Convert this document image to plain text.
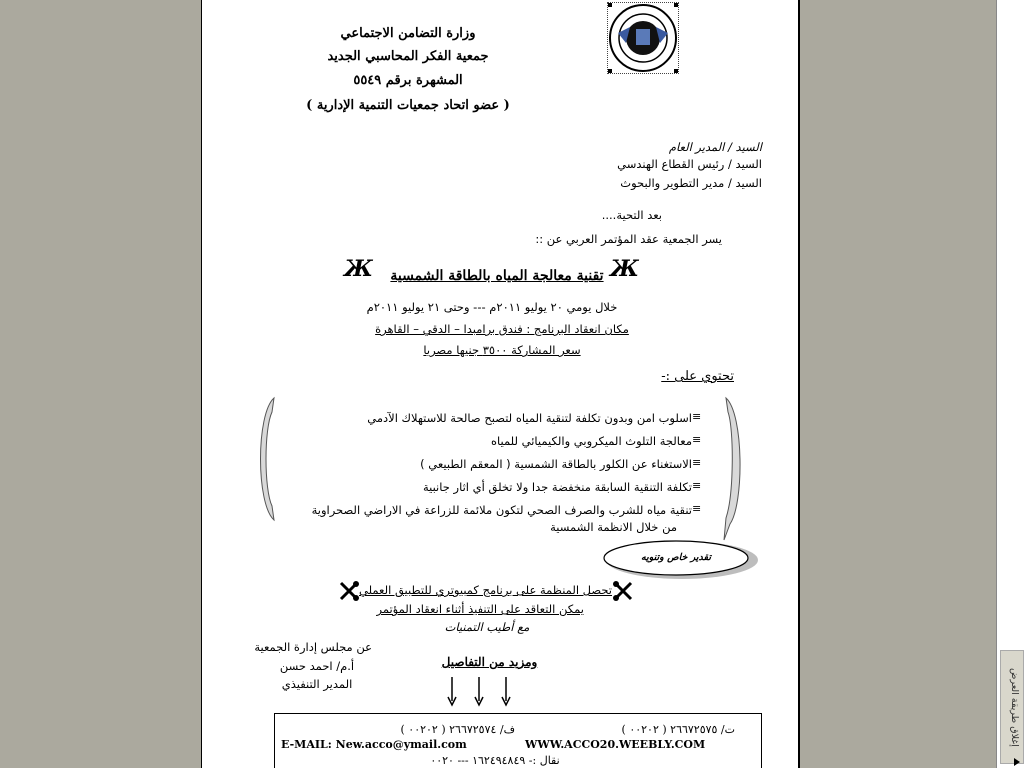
وزارة التضامن الاجتماعي
جمعية الفكر المحاسبي الجديد
المشهرة برقم ٥٥٤٩
( عضو اتحاد جمعيات التنمية الإدارية )
السيد / المدير العام
السيد / رئيس القطاع الهندسي
السيد / مدير التطوير والبحوث
بعد التحية....
يسر الجمعية عقد المؤتمر العربي عن ::
Ж
تقنية معالجة المياه بالطاقة الشمسية
Ж
خلال يومي ٢٠ يوليو ٢٠١١م --- وحتى ٢١ يوليو ٢٠١١م
مكان انعقاد البرنامج : فندق برامبدا – الدقي – القاهرة
سعر المشاركة ٣٥٠٠ جنيها مصريا
تحتوي على :-
اسلوب امن وبدون تكلفة لتنقية المياه لتصبح صالحة للاستهلاك الآدمي ≡
معالجة التلوث الميكروبي والكيميائي للمياه ≡
الاستغناء عن الكلور بالطاقة الشمسية ( المعقم الطبيعي ) ≡
تكلفة التنقية السابقة منخفضة جدا ولا تخلق أي اثار جانبية ≡
تنقية مياه للشرب والصرف الصحي لتكون ملائمة للزراعة في الاراضي الصحراوية ≡
من خلال الانظمة الشمسية
تقدير خاص وتنويه
تحصل المنظمة على برنامج كمبيوتري للتطبيق العملي
يمكن التعاقد على التنفيذ أثناء انعقاد المؤتمر
مع أطيب التمنيات
عن مجلس إدارة الجمعية
أ.م/ احمد حسن
المدير التنفيذي
ومزيد من التفاصيل
ت/ ٢٦٦٧٢٥٧٥ ( ٠٠٢٠٢ )
ف/ ٢٦٦٧٢٥٧٤ ( ٠٠٢٠٢ )
E-MAIL: New.acco@ymail.com	WWW.ACCO20.WEEBLY.COM
نقال :- ١٦٢٤٩٤٨٤٩ --- ٠٠٢٠
إغلاق طريقة العرض
